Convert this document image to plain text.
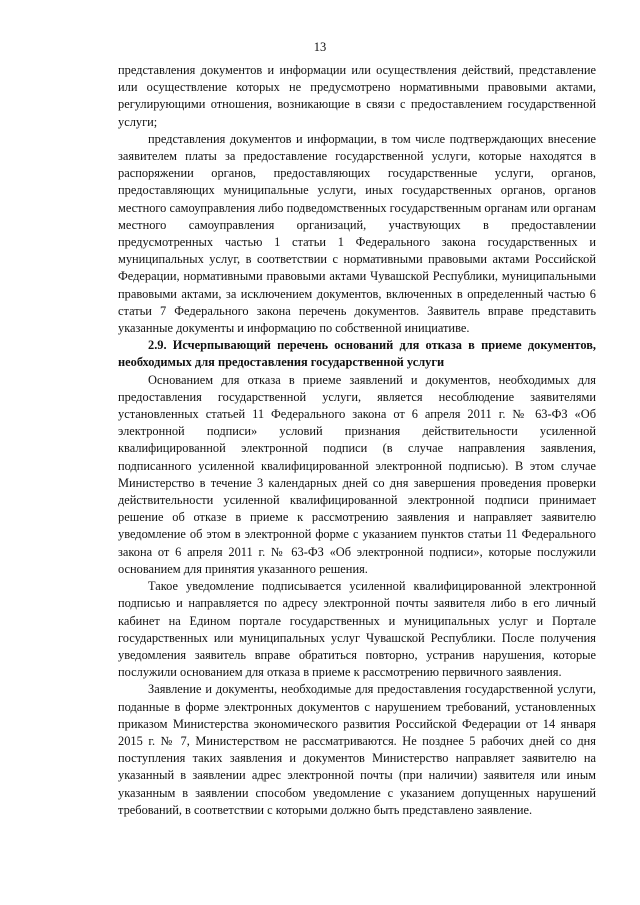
13

представления документов и информации или осуществления действий, представление или осуществление которых не предусмотрено нормативными правовыми актами, регулирующими отношения, возникающие в связи с предоставлением государственной услуги;

представления документов и информации, в том числе подтверждающих внесение заявителем платы за предоставление государственной услуги, которые находятся в распоряжении органов, предоставляющих государственные услуги, органов, предоставляющих муниципальные услуги, иных государственных органов, органов местного самоуправления либо подведомственных государственным органам или органам местного самоуправления организаций, участвующих в предоставлении предусмотренных частью 1 статьи 1 Федерального закона государственных и муниципальных услуг, в соответствии с нормативными правовыми актами Российской Федерации, нормативными правовыми актами Чувашской Республики, муниципальными правовыми актами, за исключением документов, включенных в определенный частью 6 статьи 7 Федерального закона перечень документов. Заявитель вправе представить указанные документы и информацию по собственной инициативе.

2.9. Исчерпывающий перечень оснований для отказа в приеме документов, необходимых для предоставления государственной услуги

Основанием для отказа в приеме заявлений и документов, необходимых для предоставления государственной услуги, является несоблюдение заявителями установленных статьей 11 Федерального закона от 6 апреля 2011 г. № 63-ФЗ «Об электронной подписи» условий признания действительности усиленной квалифицированной электронной подписи (в случае направления заявления, подписанного усиленной квалифицированной электронной подписью). В этом случае Министерство в течение 3 календарных дней со дня завершения проведения проверки действительности усиленной квалифицированной электронной подписи принимает решение об отказе в приеме к рассмотрению заявления и направляет заявителю уведомление об этом в электронной форме с указанием пунктов статьи 11 Федерального закона от 6 апреля 2011 г. № 63-ФЗ «Об электронной подписи», которые послужили основанием для принятия указанного решения.

Такое уведомление подписывается усиленной квалифицированной электронной подписью и направляется по адресу электронной почты заявителя либо в его личный кабинет на Едином портале государственных и муниципальных услуг и Портале государственных или муниципальных услуг Чувашской Республики. После получения уведомления заявитель вправе обратиться повторно, устранив нарушения, которые послужили основанием для отказа в приеме к рассмотрению первичного заявления.

Заявление и документы, необходимые для предоставления государственной услуги, поданные в форме электронных документов с нарушением требований, установленных приказом Министерства экономического развития Российской Федерации от 14 января 2015 г. № 7, Министерством не рассматриваются. Не позднее 5 рабочих дней со дня поступления таких заявления и документов Министерство направляет заявителю на указанный в заявлении адрес электронной почты (при наличии) заявителя или иным указанным в заявлении способом уведомление с указанием допущенных нарушений требований, в соответствии с которыми должно быть представлено заявление.
